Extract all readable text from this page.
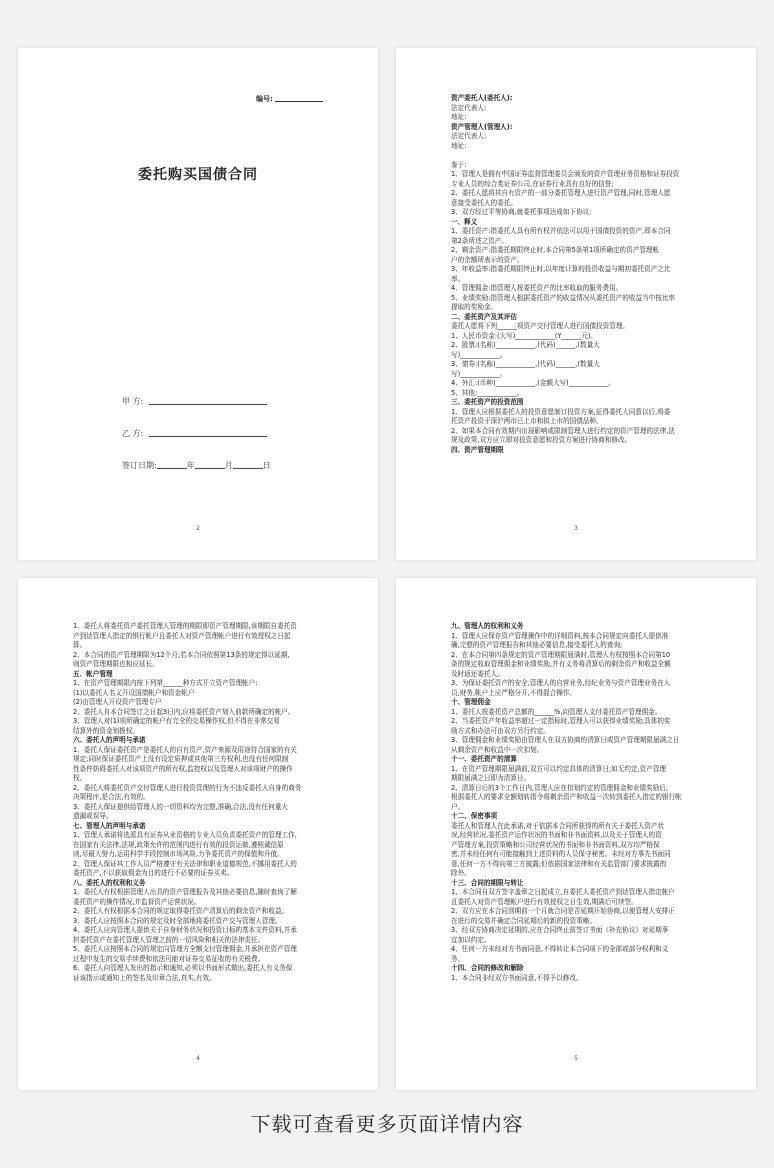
编号:
委托购买国债合同
甲 方:
乙 方:
签订日期:	年	月	日
2
资产委托人(委托人):
法定代表人:
地址:
资产管理人(管理人):
法定代表人:
地址:
鉴于:
1、管理人是拥有中国证券监督管理委员会颁发的资产管理业务资格和证券投资
专业人员的综合类证券公司,在证券行业具有良好的信誉;
2、委托人愿将其自有资产的一部分委托管理人进行资产管理,同时,管理人愿
意接受委托人的委托。
3、双方经过平等协商,就委托事项达成如下协议:
一、释义
1、委托资产:指委托人具有所有权并依法可以用于国债投资的资产,即本合同
第2条所述之资产。
2、剩余资产:指委托期限终止时,本合同第5条第1项所确定的资产管理帐
户的余额所表示的资产。
3、年收益率:指委托期限终止时,以年度计算的投资收益与期初委托资产之比
率。
4、管理佣金:指管理人按委托资产的比率收取的服务费用。
5、业绩奖励:指管理人根据委托资产的收益情况从委托资产的收益当中按比率
提取的奖励金。
二、委托资产及其评估
委托人愿将下列______项资产交付管理人进行国债投资管理。
1、人民币资金:(大写)____________(Y______元)。
2、股票:(名称)____________,(代码)______,(数量大
写)____________。
3、债券:(名称)____________,(代码)______,(数量大
写)____________。
4、外汇:(币种)____________,(金额大写)____________。
5、其他:____________。
三、委托资产的投资范围
1、管理人应根据委托人的投资意愿制订投资方案,征得委托人同意以后,将委
托资产投资于深沪两市已上市和拟上市的国债品种。
2、如果本合同有效期内出现影响或限制管理人进行约定的资产管理的法律,法
规及政策,双方应立即对投资意愿和投资方案进行协商和修改。
四、资产管理期限
3
1、委托人将委托资产委托管理人管理的期限即资产管理期限,该期限自委托资
产到达管理人指定的银行帐户且委托人对资产管理帐户进行有效授权之日起
算。
2、本合同的资产管理期限为12个月;若本合同依照第13条的规定得以延期,
则资产管理期限也相应延长。
五、帐户管理
1、在资产管理期限内按下列第______种方式开立资产管理帐户:
(1)以委托人名义开设国债帐户和资金帐户
(2)由管理人开设资产管理专户
2、委托人自本合同签订之日起3日内,应将委托资产划入前款所确定的帐户。
3、管理人对(1)项所确定的帐户有完全的交易操作权,但不得在非常交易
结算外的资金划拨权。
六、委托人的声明与承诺
1、委托人保证委托资产是委托人的自有资产,资产来源及用途符合国家的有关
规定;同时保证委托资产上没有设定质押或其他第三方权利,也没有任何限制
性条件妨碍委托人对该项资产的所有权,监控权以及管理人对该项财产的操作
权。
2、委托人将委托资产交付管理人进行投资管理的行为不违反委托人自身的商务
决策程序,是合法,有效的。
3、委托人保证提供给管理人的一切资料均为完整,准确,合法,没有任何重大
遗漏或误导。
七、管理人的声明与承诺
1、管理人承诺将选派具有证券从业资格的专业人员负责委托资产的管理工作,
在国家有关法律,法规,政策允许的范围内进行有效的投资运做,遵照诚信原
则,尽最大努力,运用科学手段控制市场风险,力争委托资产的保值和升值。
2、管理人保证其工作人员严格遵守有关法律和职业道德规范,不挪用委托人的
委托资产,不以获取佣金为目的进行不必要的证券买卖。
八、委托人的权利和义务
1、委托人有权根据管理人出具的资产管理报告及其他必要信息,随时查询了解
委托资产的操作情况,并监督资产运营状况。
2、委托人有权根据本合同的规定取得委托资产清算后的剩余资产和收益。
3、委托人应按照本合同的规定及时全部地将委托资产交与管理人管理。
4、委托人应向管理人提供关于自身财务状况和投资目标的基本文件资料,并承
担委托资产在委托管理人管理之前的一切风险和相关的法律责任。
5、委托人应按照本合同的规定向管理方全额支付管理佣金,并承担在资产管理
过程中发生的交易手续费和依法可能对证券交易征收的有关税费。
6、委托人向管理人发出的指示和通知,必须以书面形式做出,委托人有义务保
证该指示或通知上的签名及印章合法,真实,有效。
4
九、管理人的权利和义务
1、管理人应保存资产管理操作中的详细资料,按本合同规定向委托人提供准
确,完整的资产管理报告和其他必要信息,接受委托人的查询;
2、在本合同第四条规定的资产管理期限届满时,管理人有权按照本合同第10
条的规定收取管理佣金和业绩奖励,并有义务将清算后的剩余资产和收益全额
及时返还委托人。
3、为保证委托资产的安全,管理人的自营业务,经纪业务与资产管理业务在人
员,财务,帐户上应严格分开,不得混合操作。
十、管理佣金
1、委托人按委托资产总额的______%,向管理人支付委托资产管理佣金。
2、当委托资产年收益率超过一定指标时,管理人可以获得业绩奖励;具体的奖
励方式和办法可由双方另行约定。
3、管理佣金和业绩奖励由管理人在双方协商的清算日或资产管理期限届满之日
从剩余资产和收益中一次扣划。
十一、委托资产的清算
1、在资产管理期限届满前,双方可以约定具体的清算日;如无约定,资产管理
期限届满之日即为清算日。
2、清算日后的3个工作日内,管理人应在扣划约定的管理佣金和业绩奖励后,
根据委托人的要求全额划转指令将剩余资产和收益一次转到委托人指定的银行帐
户。
十二、保密事项
委托人和管理人在此承诺,对于依据本合同所获得的所有关于委托人资产状
况,经营状况,委托资产运作状况的书面和非书面资料,以及关于管理人的资
产管理方案,投资策略和公司经营状况的书面和非书面资料,双方均严格保
密,并未经任何有可能接触到上述资料的人员保守秘密。未经对方事先书面同
意,任何一方不得向第三方披露;但依据国家法律和有关监管部门要求披露的
除外。
十三、合同的期限与转让
1、本合同自双方签字盖章之日起成立,自委托人委托资产到达管理人指定帐户
且委托人对资产管理帐户进行有效授权之日生效,期满后可续签。
2、双方应在本合同到期前一个月就合同是否延期开始协商,以便管理人安排正
在进行的交易并确定合同延期后的新的投资策略。
3、经双方协商决定延期的,应在合同终止前签订书面《补充协议》对延期事
宜加以约定。
4、任何一方未经对方书面同意,不得转让本合同项下的全部或部分权利和义
务。
十四、合同的修改和解除
1、本合同非经双方书面同意,不得予以修改。
5
下载可查看更多页面详情内容
